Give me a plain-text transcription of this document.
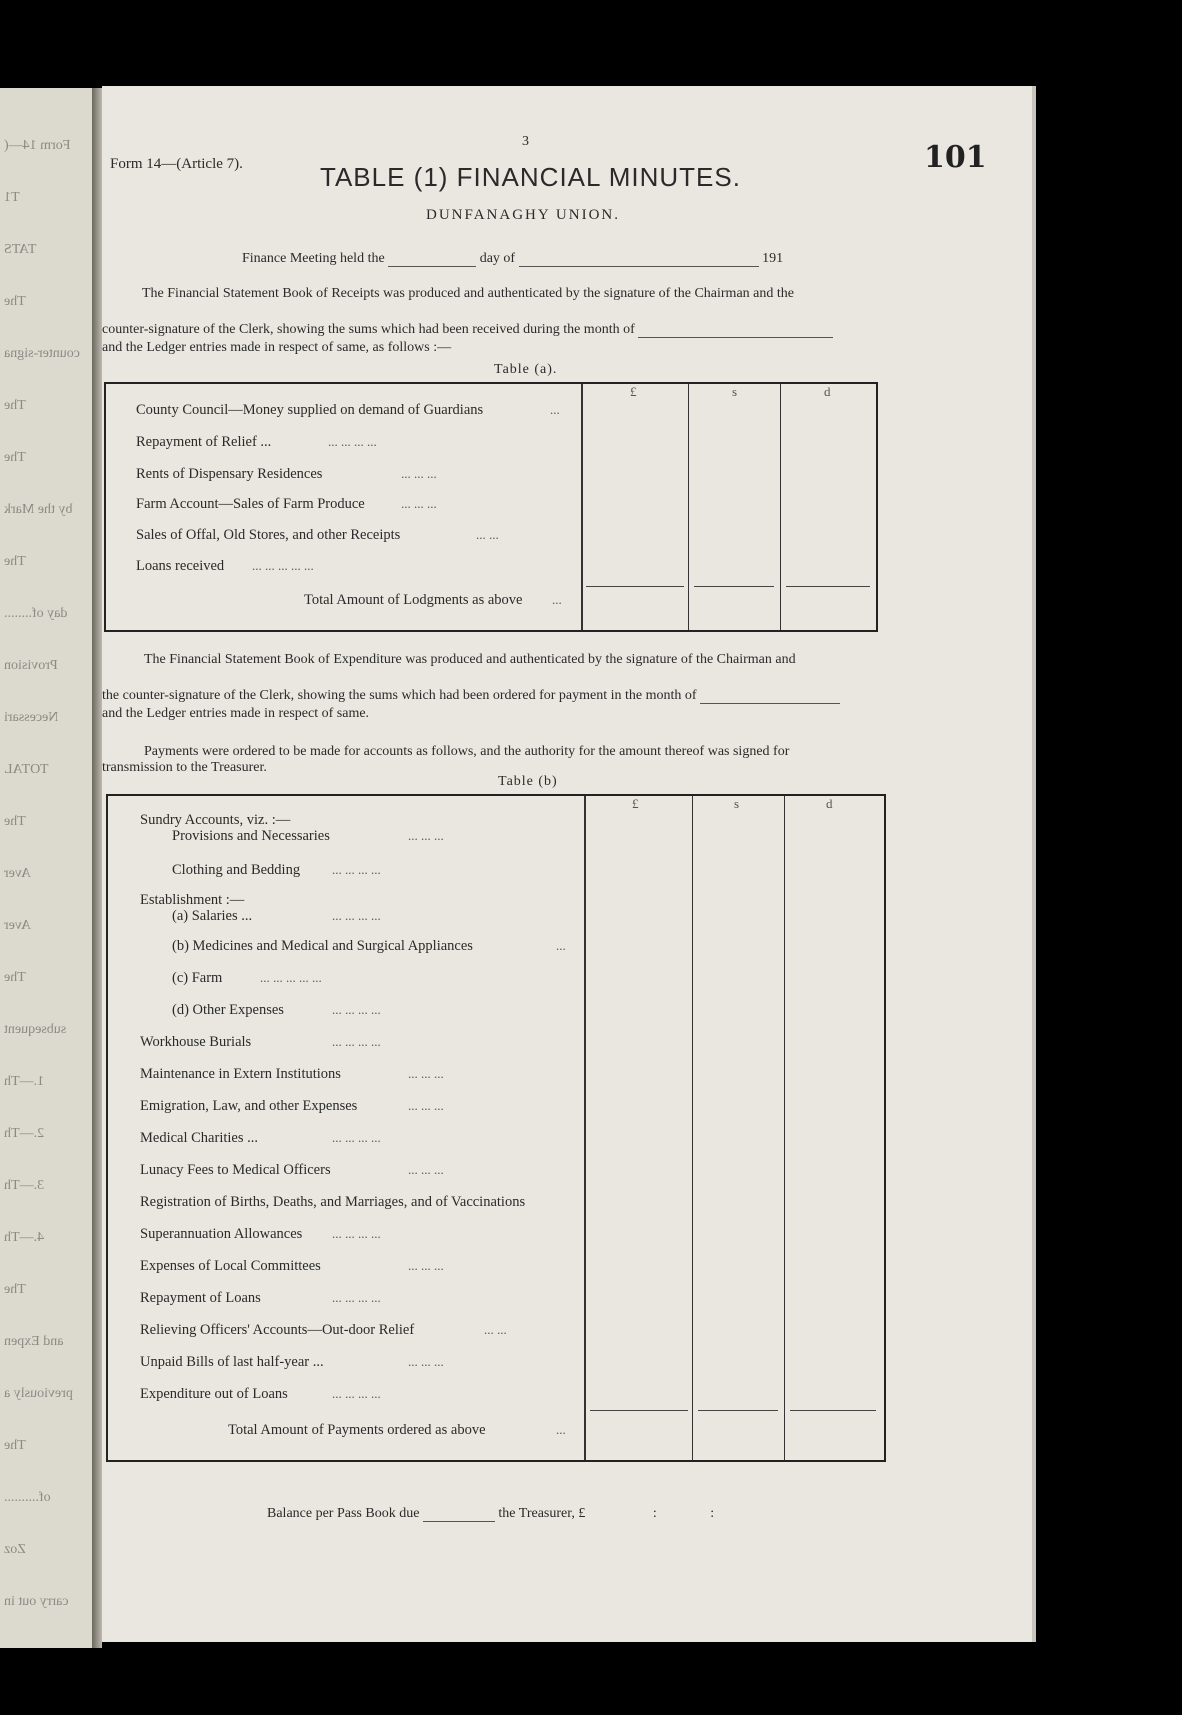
Form 14—(
T1
TATS
The
counter-signa
The
The
by the Mark
The
day of........
Provision
Necessari
TOTAL
The
Aver
Aver
The
subsequent
1.—Th
2.—Th
3.—Th
4.—Th
The
and Expen
previously a
The
of..........
Zoz
carry out in
Form 14—(Article 7).
3	101
TABLE (1) FINANCIAL MINUTES.
DUNFANAGHY UNION.
Finance Meeting held the	day of	191
The Financial Statement Book of Receipts was produced and authenticated by the signature of the Chairman and the
counter-signature of the Clerk, showing the sums which had been received during the month of
and the Ledger entries made in respect of same, as follows :—
Table (a).
£	s	d
County Council—Money supplied on demand of Guardians	...
Repayment of Relief ...	... ... ... ...
Rents of Dispensary Residences	... ... ...
Farm Account—Sales of Farm Produce	... ... ...
Sales of Offal, Old Stores, and other Receipts	... ...
Loans received ... ... ... ... ...
Total Amount of Lodgments as above ...
The Financial Statement Book of Expenditure was produced and authenticated by the signature of the Chairman and
the counter-signature of the Clerk, showing the sums which had been ordered for payment in the month of
and the Ledger entries made in respect of same.
Payments were ordered to be made for accounts as follows, and the authority for the amount thereof was signed for
transmission to the Treasurer.
Table (b)
£	s	d
Sundry Accounts, viz. :—
Provisions and Necessaries	... ... ...
Clothing and Bedding ... ... ... ...
Establishment :—
(a) Salaries ...	... ... ... ...
(b) Medicines and Medical and Surgical Appliances	...
(c) Farm	... ... ... ... ...
(d) Other Expenses	... ... ... ...
Workhouse Burials	... ... ... ...
Maintenance in Extern Institutions	... ... ...
Emigration, Law, and other Expenses	... ... ...
Medical Charities ...	... ... ... ...
Lunacy Fees to Medical Officers	... ... ...
Registration of Births, Deaths, and Marriages, and of Vaccinations
Superannuation Allowances ... ... ... ...
Expenses of Local Committees	... ... ...
Repayment of Loans	... ... ... ...
Relieving Officers' Accounts—Out-door Relief	... ...
Unpaid Bills of last half-year ...	... ... ...
Expenditure out of Loans	... ... ... ...
Total Amount of Payments ordered as above	...
Balance per Pass Book due	the Treasurer, £	:	:
